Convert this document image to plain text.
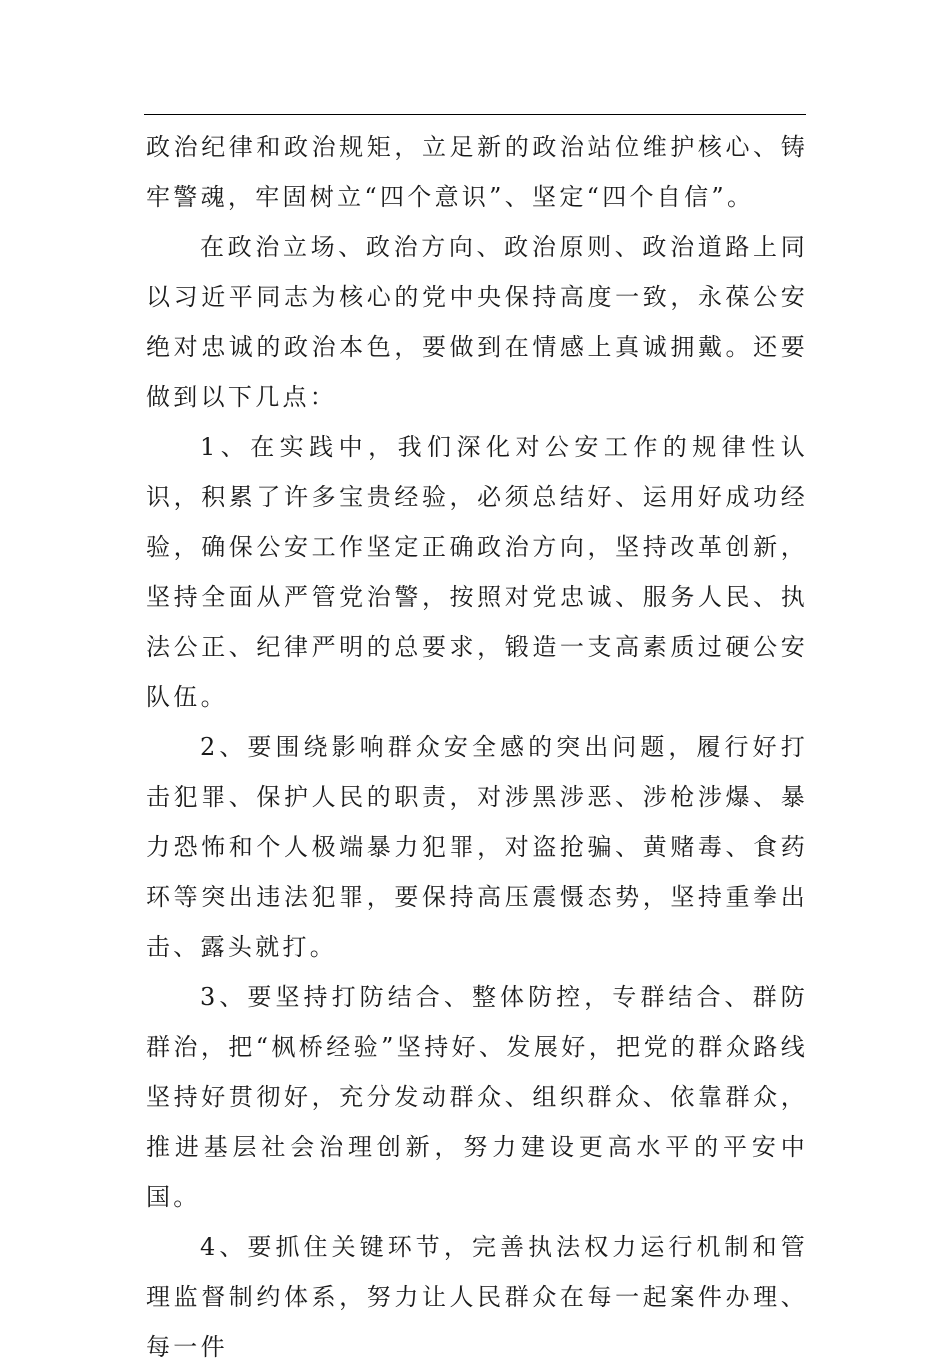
政治纪律和政治规矩，立足新的政治站位维护核心、铸牢警魂，牢固树立“四个意识”、坚定“四个自信”。

在政治立场、政治方向、政治原则、政治道路上同以习近平同志为核心的党中央保持高度一致，永葆公安绝对忠诚的政治本色，要做到在情感上真诚拥戴。还要做到以下几点：

1、在实践中，我们深化对公安工作的规律性认识，积累了许多宝贵经验，必须总结好、运用好成功经验，确保公安工作坚定正确政治方向，坚持改革创新，坚持全面从严管党治警，按照对党忠诚、服务人民、执法公正、纪律严明的总要求，锻造一支高素质过硬公安队伍。

2、要围绕影响群众安全感的突出问题，履行好打击犯罪、保护人民的职责，对涉黑涉恶、涉枪涉爆、暴力恐怖和个人极端暴力犯罪，对盗抢骗、黄赌毒、食药环等突出违法犯罪，要保持高压震慑态势，坚持重拳出击、露头就打。

3、要坚持打防结合、整体防控，专群结合、群防群治，把“枫桥经验”坚持好、发展好，把党的群众路线坚持好贯彻好，充分发动群众、组织群众、依靠群众，推进基层社会治理创新，努力建设更高水平的平安中国。

4、要抓住关键环节，完善执法权力运行机制和管理监督制约体系，努力让人民群众在每一起案件办理、每一件
